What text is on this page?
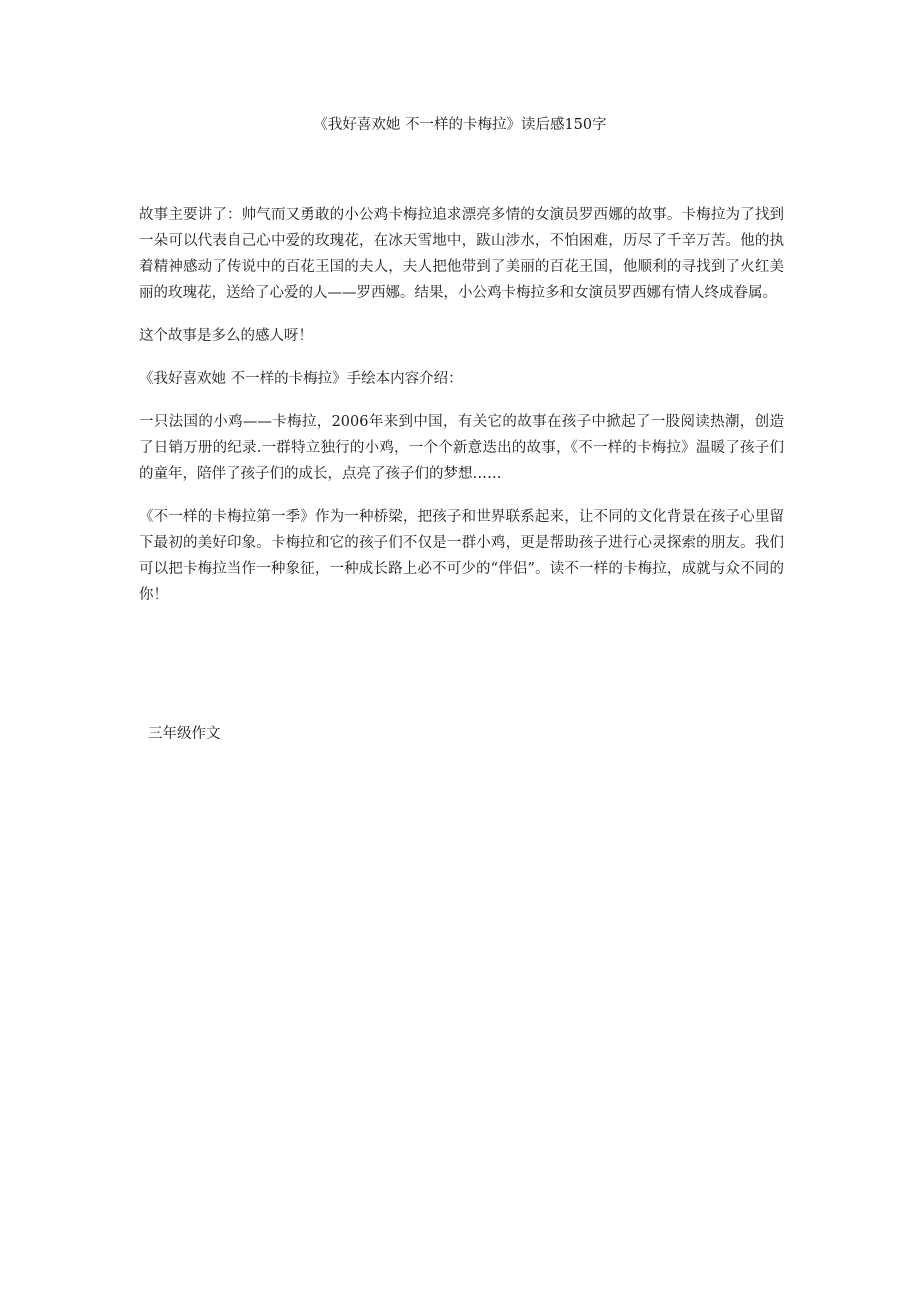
《我好喜欢她 不一样的卡梅拉》读后感150字

故事主要讲了：帅气而又勇敢的小公鸡卡梅拉追求漂亮多情的女演员罗西娜的故事。卡梅拉为了找到一朵可以代表自己心中爱的玫瑰花，在冰天雪地中，跋山涉水，不怕困难，历尽了千辛万苦。他的执着精神感动了传说中的百花王国的夫人，夫人把他带到了美丽的百花王国，他顺利的寻找到了火红美丽的玫瑰花，送给了心爱的人——罗西娜。结果，小公鸡卡梅拉多和女演员罗西娜有情人终成眷属。

这个故事是多么的感人呀！

《我好喜欢她 不一样的卡梅拉》手绘本内容介绍：

一只法国的小鸡——卡梅拉，2006年来到中国，有关它的故事在孩子中掀起了一股阅读热潮，创造了日销万册的纪录.一群特立独行的小鸡，一个个新意迭出的故事，《不一样的卡梅拉》温暖了孩子们的童年，陪伴了孩子们的成长，点亮了孩子们的梦想……

《不一样的卡梅拉第一季》作为一种桥梁，把孩子和世界联系起来，让不同的文化背景在孩子心里留下最初的美好印象。卡梅拉和它的孩子们不仅是一群小鸡，更是帮助孩子进行心灵探索的朋友。我们可以把卡梅拉当作一种象征，一种成长路上必不可少的“伴侣”。读不一样的卡梅拉，成就与众不同的你！

三年级作文
